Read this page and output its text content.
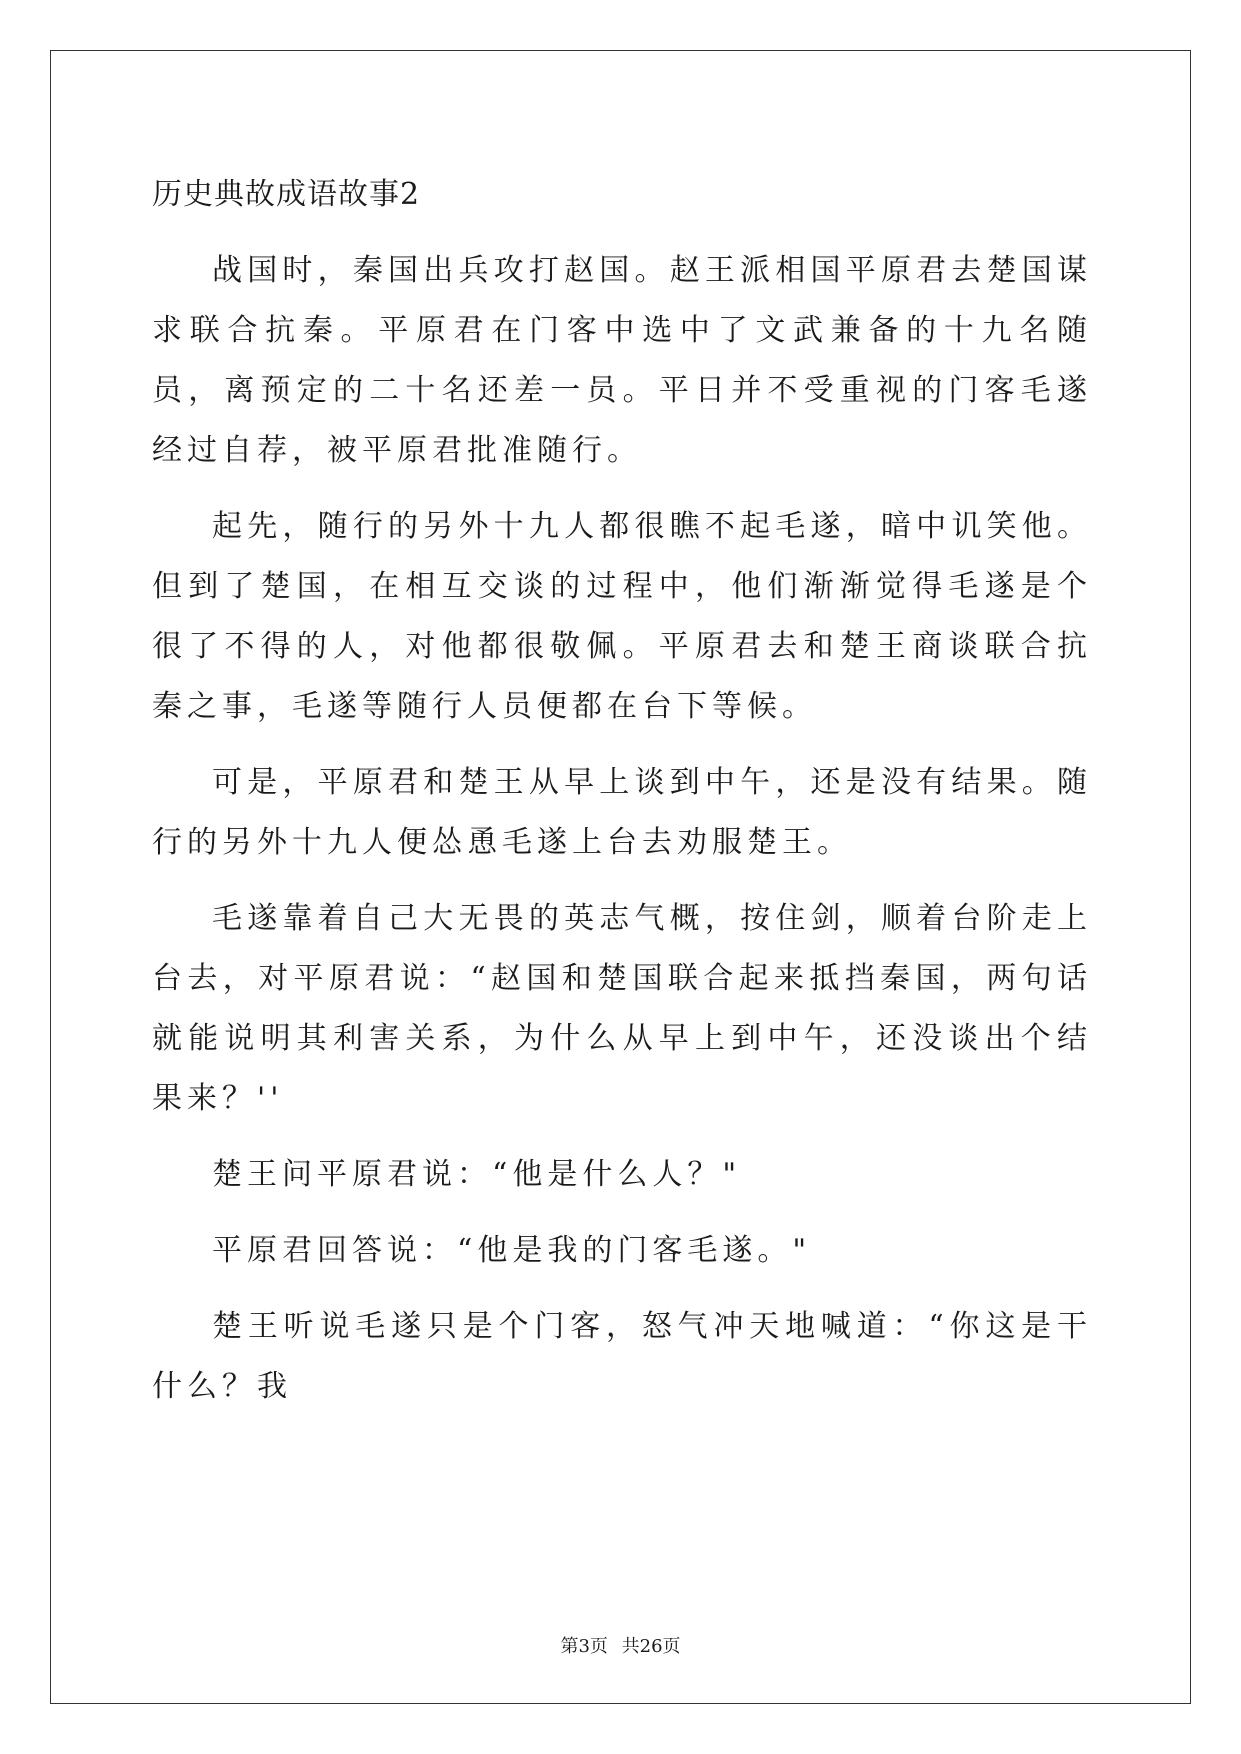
历史典故成语故事2

战国时，秦国出兵攻打赵国。赵王派相国平原君去楚国谋求联合抗秦。平原君在门客中选中了文武兼备的十九名随员，离预定的二十名还差一员。平日并不受重视的门客毛遂经过自荐，被平原君批准随行。

起先，随行的另外十九人都很瞧不起毛遂，暗中讥笑他。但到了楚国，在相互交谈的过程中，他们渐渐觉得毛遂是个很了不得的人，对他都很敬佩。平原君去和楚王商谈联合抗秦之事，毛遂等随行人员便都在台下等候。

可是，平原君和楚王从早上谈到中午，还是没有结果。随行的另外十九人便怂恿毛遂上台去劝服楚王。

毛遂靠着自己大无畏的英志气概，按住剑，顺着台阶走上台去，对平原君说：“赵国和楚国联合起来抵挡秦国，两句话就能说明其利害关系，为什么从早上到中午，还没谈出个结果来？''

楚王问平原君说：“他是什么人？"

平原君回答说：“他是我的门客毛遂。"

楚王听说毛遂只是个门客，怒气冲天地喊道：“你这是干什么？我

第3页 共26页
